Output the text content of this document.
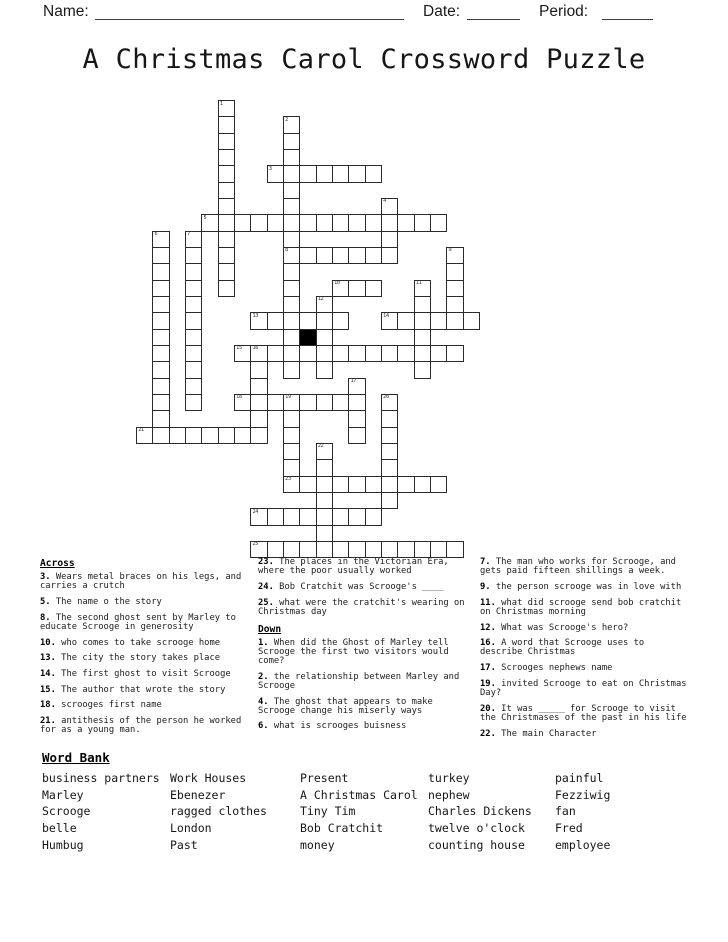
Name:	Date:	Period:
A Christmas Carol Crossword Puzzle
1
2
8
3
4
5
6	7
9
10	11
12
13	14
15 16
17
18	19
23
20
21
22
24
25
Across

3. Wears metal braces on his legs, and carries a crutch

5. The name o the story

8. The second ghost sent by Marley to educate Scrooge in generosity

10. who comes to take scrooge home

13. The city the story takes place

14. The first ghost to visit Scrooge

15. The author that wrote the story

18. scrooges first name

21. antithesis of the person he worked for as a young man.

23. The places in the Victorian Era, where the poor usually worked

24. Bob Cratchit was Scrooge's ____

25. what were the cratchit's wearing on Christmas day

Down

1. When did the Ghost of Marley tell Scrooge the first two visitors would come?

2. the relationship between Marley and Scrooge

4. The ghost that appears to make Scrooge change his miserly ways

6. what is scrooges buisness

7. The man who works for Scrooge, and gets paid fifteen shillings a week.

9. the person scrooge was in love with

11. what did scrooge send bob cratchit on Christmas morning

12. What was Scrooge's hero?

16. A word that Scrooge uses to describe Christmas

17. Scrooges nephews name

19. invited Scrooge to eat on Christmas Day?

20. It was _____ for Scrooge to visit the Christmases of the past in his life

22. The main Character

Word Bank
business partners
Marley
Scrooge
belle
Humbug
Work Houses
Ebenezer
ragged clothes
London
Past
Present
A Christmas Carol
Tiny Tim
Bob Cratchit
money
turkey
nephew
Charles Dickens
twelve o'clock
counting house
painful
Fezziwig
fan
Fred
employee
